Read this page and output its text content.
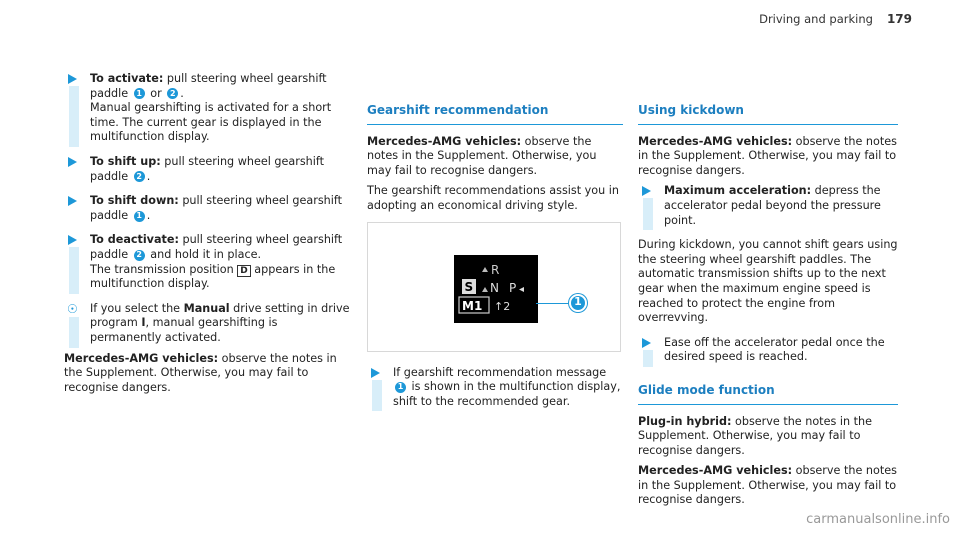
Driving and parking 179
To activate: pull steering wheel gearshift paddle 1 or 2 .
Manual gearshifting is activated for a short time. The current gear is displayed in the multifunction display.
To shift up: pull steering wheel gearshift paddle 2 .
To shift down: pull steering wheel gearshift paddle 1 .
To deactivate: pull steering wheel gearshift paddle 2 and hold it in place.
The transmission position D appears in the multifunction display.
☉ If you select the Manual drive setting in drive program I, manual gearshifting is permanently activated.
Mercedes-AMG vehicles: observe the notes in the Supplement. Otherwise, you may fail to recognise dangers.
Gearshift recommendation
Mercedes-AMG vehicles: observe the notes in the Supplement. Otherwise, you may fail to recognise dangers.
The gearshift recommendations assist you in adopting an economical driving style.
R
S N P
M1 ↑2	1
If gearshift recommendation message 1 is shown in the multifunction display, shift to the recommended gear.
Using kickdown
Mercedes-AMG vehicles: observe the notes in the Supplement. Otherwise, you may fail to recognise dangers.
Maximum acceleration: depress the accelerator pedal beyond the pressure point.
During kickdown, you cannot shift gears using the steering wheel gearshift paddles. The automatic transmission shifts up to the next gear when the maximum engine speed is reached to protect the engine from overrevving.
Ease off the accelerator pedal once the desired speed is reached.
Glide mode function
Plug-in hybrid: observe the notes in the Supplement. Otherwise, you may fail to recognise dangers.
Mercedes-AMG vehicles: observe the notes in the Supplement. Otherwise, you may fail to recognise dangers.
carmanualsonline.info
